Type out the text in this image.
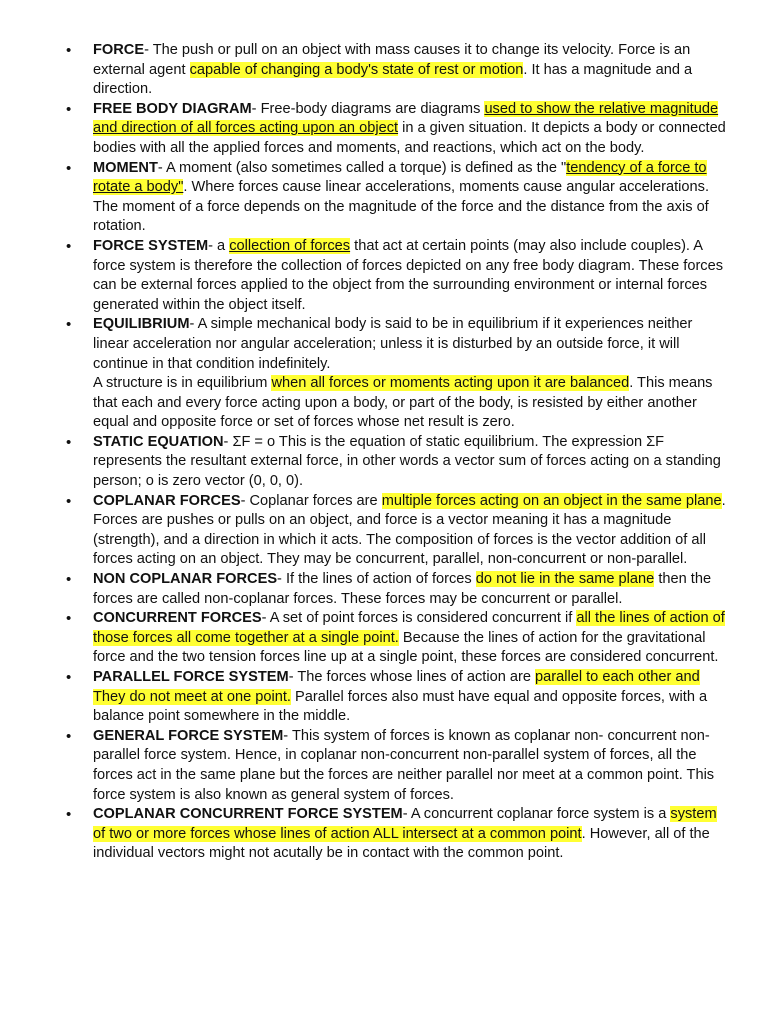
• FORCE- The push or pull on an object with mass causes it to change its velocity. Force is an external agent capable of changing a body's state of rest or motion. It has a magnitude and a direction.
• FREE BODY DIAGRAM- Free-body diagrams are diagrams used to show the relative magnitude and direction of all forces acting upon an object in a given situation. It depicts a body or connected bodies with all the applied forces and moments, and reactions, which act on the body.
• MOMENT- A moment (also sometimes called a torque) is defined as the "tendency of a force to rotate a body". Where forces cause linear accelerations, moments cause angular accelerations. The moment of a force depends on the magnitude of the force and the distance from the axis of rotation.
• FORCE SYSTEM- a collection of forces that act at certain points (may also include couples). A force system is therefore the collection of forces depicted on any free body diagram. These forces can be external forces applied to the object from the surrounding environment or internal forces generated within the object itself.
• EQUILIBRIUM- A simple mechanical body is said to be in equilibrium if it experiences neither linear acceleration nor angular acceleration; unless it is disturbed by an outside force, it will continue in that condition indefinitely.
A structure is in equilibrium when all forces or moments acting upon it are balanced. This means that each and every force acting upon a body, or part of the body, is resisted by either another equal and opposite force or set of forces whose net result is zero.
• STATIC EQUATION- ΣF = o This is the equation of static equilibrium. The expression ΣF represents the resultant external force, in other words a vector sum of forces acting on a standing person; o is zero vector (0, 0, 0).
• COPLANAR FORCES- Coplanar forces are multiple forces acting on an object in the same plane. Forces are pushes or pulls on an object, and force is a vector meaning it has a magnitude (strength), and a direction in which it acts. The composition of forces is the vector addition of all forces acting on an object. They may be concurrent, parallel, non-concurrent or non-parallel.
• NON COPLANAR FORCES- If the lines of action of forces do not lie in the same plane then the forces are called non-coplanar forces. These forces may be concurrent or parallel.
• CONCURRENT FORCES- A set of point forces is considered concurrent if all the lines of action of those forces all come together at a single point. Because the lines of action for the gravitational force and the two tension forces line up at a single point, these forces are considered concurrent.
• PARALLEL FORCE SYSTEM- The forces whose lines of action are parallel to each other and They do not meet at one point. Parallel forces also must have equal and opposite forces, with a balance point somewhere in the middle.
• GENERAL FORCE SYSTEM- This system of forces is known as coplanar non- concurrent non-parallel force system. Hence, in coplanar non-concurrent non-parallel system of forces, all the forces act in the same plane but the forces are neither parallel nor meet at a common point. This force system is also known as general system of forces.
• COPLANAR CONCURRENT FORCE SYSTEM- A concurrent coplanar force system is a system of two or more forces whose lines of action ALL intersect at a common point. However, all of the individual vectors might not acutally be in contact with the common point.
